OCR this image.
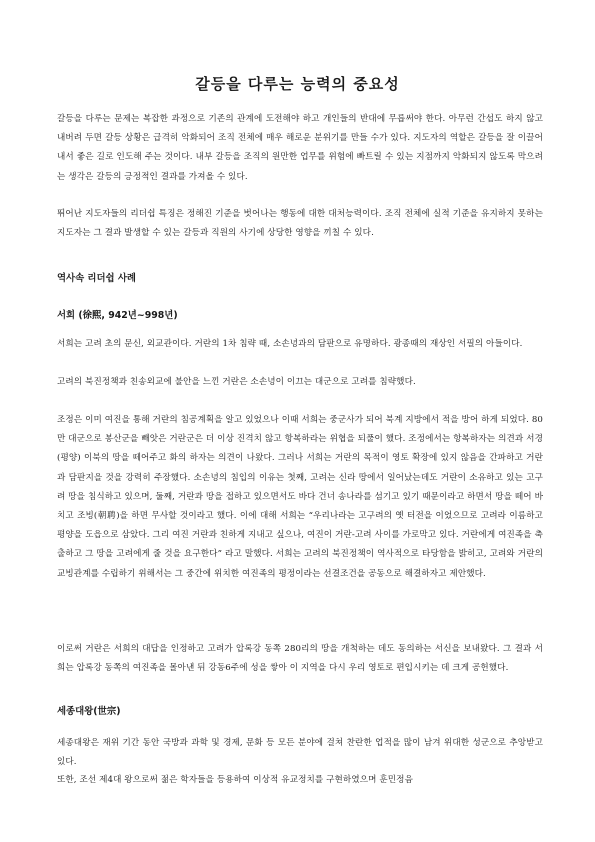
갈등을 다루는 능력의 중요성

갈등을 다루는 문제는 복잡한 과정으로 기존의 관계에 도전해야 하고 개인들의 반대에 무릅써야 한다. 아무런 간섭도 하지 않고 내버려 두면 갈등 상황은 급격히 악화되어 조직 전체에 매우 해로운 분위기를 만들 수가 있다. 지도자의 역할은 갈등을 잘 이끌어내서 좋은 길로 인도해 주는 것이다. 내부 갈등을 조직의 원만한 업무를 위험에 빠트릴 수 있는 지점까지 악화되지 않도록 막으려는 생각은 갈등의 긍정적인 결과를 가져올 수 있다.

뛰어난 지도자들의 리더쉽 특징은 정해진 기준을 벗어나는 행동에 대한 대처능력이다. 조직 전체에 실적 기준을 유지하지 못하는 지도자는 그 결과 발생할 수 있는 갈등과 직원의 사기에 상당한 영향을 끼칠 수 있다.

역사속 리더쉽 사례
서희 (徐熙, 942년~998년)

서희는 고려 초의 문신, 외교관이다. 거란의 1차 침략 때, 소손녕과의 담판으로 유명하다. 광종때의 재상인 서필의 아들이다.

고려의 북진정책과 친송외교에 불안을 느낀 거란은 소손녕이 이끄는 대군으로 고려를 침략했다.

조정은 이미 여진을 통해 거란의 침공계획을 알고 있었으나 이때 서희는 중군사가 되어 북계 지방에서 적을 방어 하게 되었다. 80만 대군으로 봉산군을 빼앗은 거란군은 더 이상 진격치 않고 항복하라는 위협을 되풀이 했다. 조정에서는 항복하자는 의견과 서경(평양) 이북의 땅을 떼어주고 화의 하자는 의견이 나왔다. 그러나 서희는 거란의 목적이 영토 확장에 있지 않음을 간파하고 거란과 담판지을 것을 강력히 주장했다. 소손녕의 침입의 이유는 첫째, 고려는 신라 땅에서 일어났는데도 거란이 소유하고 있는 고구려 땅을 침식하고 있으며, 둘째, 거란과 땅을 접하고 있으면서도 바다 건너 송나라를 섬기고 있기 때문이라고 하면서 땅을 떼어 바치고 조빙(朝聘)을 하면 무사할 것이라고 했다. 이에 대해 서희는 “우리나라는 고구려의 옛 터전을 이었으므로 고려라 이름하고 평양을 도읍으로 삼았다. 그리 여진 거란과 친하게 지내고 싶으나, 여진이 거란-고려 사이를 가로막고 있다. 거란에게 여진족을 축출하고 그 땅을 고려에게 줄 것을 요구한다” 라고 말했다. 서희는 고려의 북진정책이 역사적으로 타당함을 밝히고, 고려와 거란의 교빙관계를 수립하기 위해서는 그 중간에 위치한 여진족의 평정이라는 선결조건을 공동으로 해결하자고 제안했다.

이로써 거란은 서희의 대답을 인정하고 고려가 압록강 동쪽 280리의 땅을 개척하는 데도 동의하는 서신을 보내왔다. 그 결과 서희는 압록강 동쪽의 여진족을 몰아낸 뒤 강동6주에 성을 쌓아 이 지역을 다시 우리 영토로 편입시키는 데 크게 공헌했다.

세종대왕(世宗)

세종대왕은 재위 기간 동안 국방과 과학 및 경제, 문화 등 모든 분야에 걸쳐 찬란한 업적을 많이 남겨 위대한 성군으로 추앙받고 있다.

또한, 조선 제4대 왕으로써 젊은 학자들을 등용하여 이상적 유교정치를 구현하였으며 훈민정음
